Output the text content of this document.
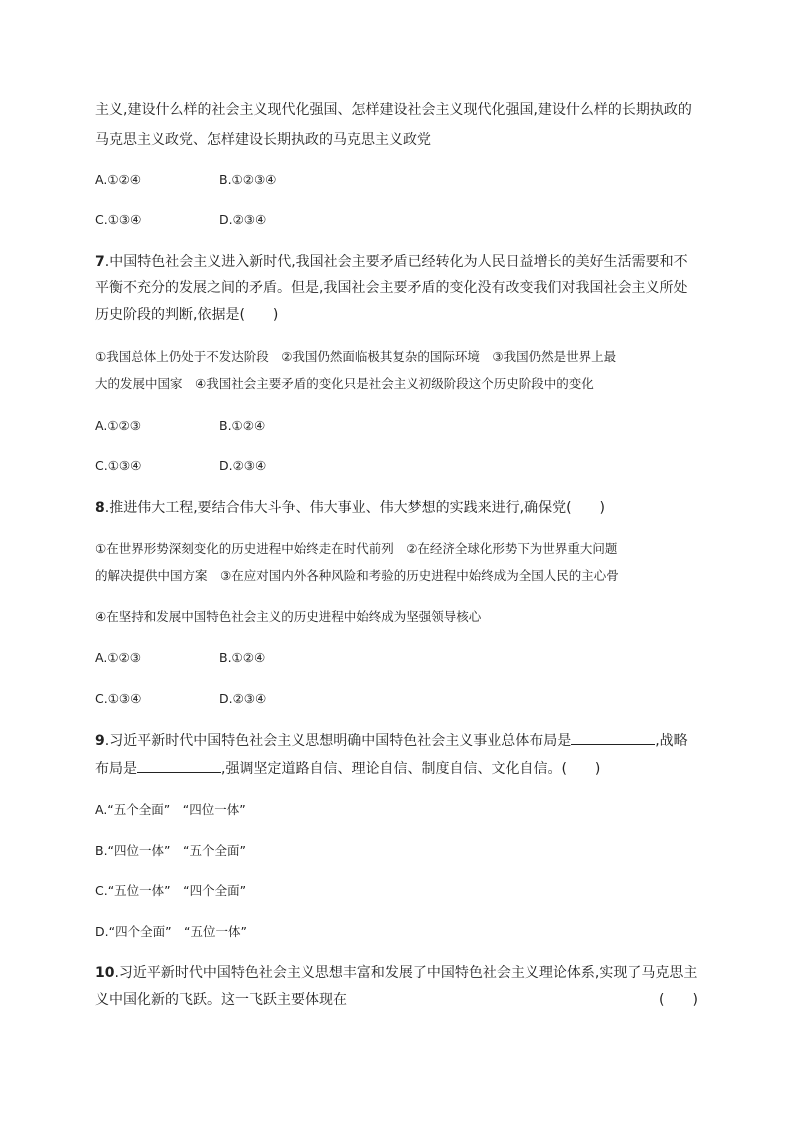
主义,建设什么样的社会主义现代化强国、怎样建设社会主义现代化强国,建设什么样的长期执政的
马克思主义政党、怎样建设长期执政的马克思主义政党
A.①②④	B.①②③④
C.①③④	D.②③④
7.中国特色社会主义进入新时代,我国社会主要矛盾已经转化为人民日益增长的美好生活需要和不
平衡不充分的发展之间的矛盾。但是,我国社会主要矛盾的变化没有改变我们对我国社会主义所处
历史阶段的判断,依据是(　　)
①我国总体上仍处于不发达阶段　②我国仍然面临极其复杂的国际环境　③我国仍然是世界上最
大的发展中国家　④我国社会主要矛盾的变化只是社会主义初级阶段这个历史阶段中的变化
A.①②③	B.①②④
C.①③④	D.②③④
8.推进伟大工程,要结合伟大斗争、伟大事业、伟大梦想的实践来进行,确保党(　　)
①在世界形势深刻变化的历史进程中始终走在时代前列　②在经济全球化形势下为世界重大问题
的解决提供中国方案　③在应对国内外各种风险和考验的历史进程中始终成为全国人民的主心骨
④在坚持和发展中国特色社会主义的历史进程中始终成为坚强领导核心
A.①②③	B.①②④
C.①③④	D.②③④
9.习近平新时代中国特色社会主义思想明确中国特色社会主义事业总体布局是	,战略
布局是	,强调坚定道路自信、理论自信、制度自信、文化自信。(　　)
A.“五个全面”　“四位一体”
B.“四位一体”　“五个全面”
C.“五位一体”　“四个全面”
D.“四个全面”　“五位一体”
10.习近平新时代中国特色社会主义思想丰富和发展了中国特色社会主义理论体系,实现了马克思主
义中国化新的飞跃。这一飞跃主要体现在	(　　)
